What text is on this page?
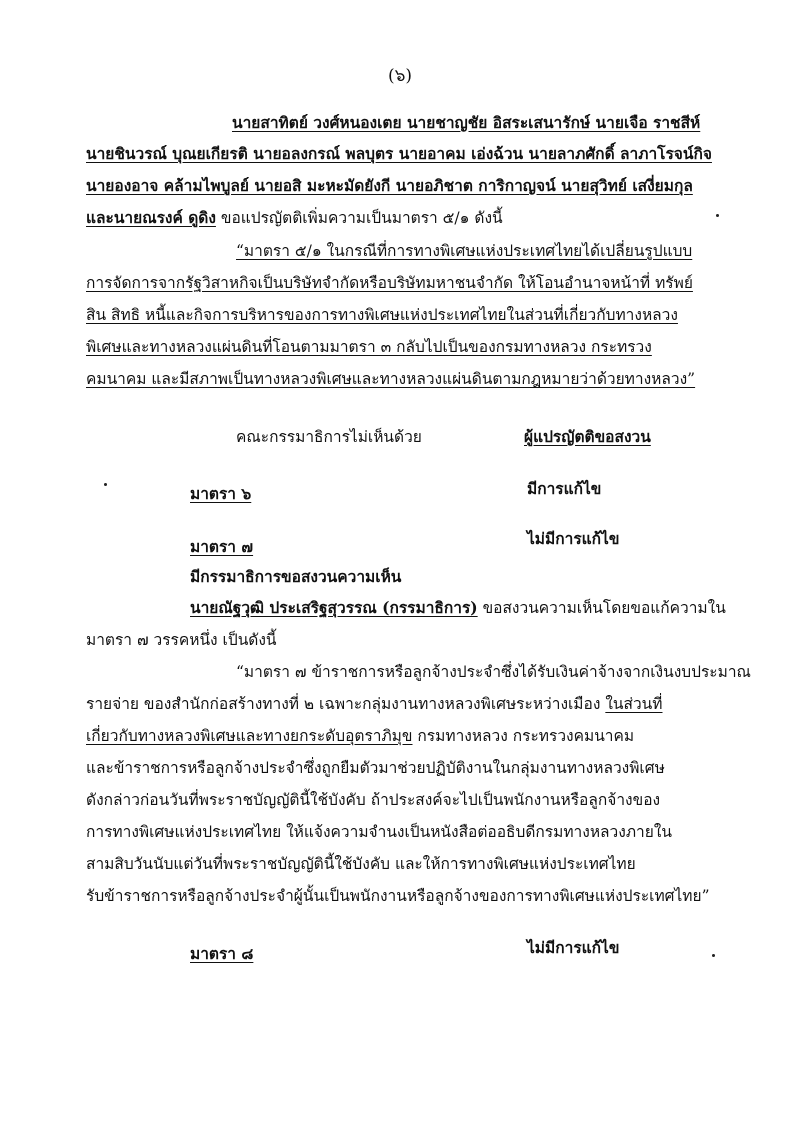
(๖)
นายสาทิตย์ วงศ์หนองเตย นายชาญชัย อิสระเสนารักษ์ นายเจือ ราชสีห์
นายชินวรณ์ บุณยเกียรติ นายอลงกรณ์ พลบุตร นายอาคม เอ่งฉ้วน นายลาภศักดิ์ ลาภาโรจน์กิจ
นายองอาจ คล้ามไพบูลย์ นายอสิ มะหะมัดยังกี นายอภิชาต การิกาญจน์ นายสุวิทย์ เสงี่ยมกุล
และนายณรงค์ ดูดิง ขอแปรญัตติเพิ่มความเป็นมาตรา ๕/๑ ดังนี้
“มาตรา ๕/๑ ในกรณีที่การทางพิเศษแห่งประเทศไทยได้เปลี่ยนรูปแบบ
การจัดการจากรัฐวิสาหกิจเป็นบริษัทจำกัดหรือบริษัทมหาชนจำกัด ให้โอนอำนาจหน้าที่ ทรัพย์
สิน สิทธิ หนี้และกิจการบริหารของการทางพิเศษแห่งประเทศไทยในส่วนที่เกี่ยวกับทางหลวง
พิเศษและทางหลวงแผ่นดินที่โอนตามมาตรา ๓ กลับไปเป็นของกรมทางหลวง กระทรวง
คมนาคม และมีสภาพเป็นทางหลวงพิเศษและทางหลวงแผ่นดินตามกฎหมายว่าด้วยทางหลวง”
คณะกรรมาธิการไม่เห็นด้วย	ผู้แปรญัตติขอสงวน
มาตรา ๖	มีการแก้ไข
มาตรา ๗	ไม่มีการแก้ไข
มีกรรมาธิการขอสงวนความเห็น
นายณัฐวุฒิ ประเสริฐสุวรรณ (กรรมาธิการ) ขอสงวนความเห็นโดยขอแก้ความใน
มาตรา ๗ วรรคหนึ่ง เป็นดังนี้
“มาตรา ๗ ข้าราชการหรือลูกจ้างประจำซึ่งได้รับเงินค่าจ้างจากเงินงบประมาณ
รายจ่าย ของสำนักก่อสร้างทางที่ ๒ เฉพาะกลุ่มงานทางหลวงพิเศษระหว่างเมือง ในส่วนที่
เกี่ยวกับทางหลวงพิเศษและทางยกระดับอุตราภิมุข กรมทางหลวง กระทรวงคมนาคม
และข้าราชการหรือลูกจ้างประจำซึ่งถูกยืมตัวมาช่วยปฏิบัติงานในกลุ่มงานทางหลวงพิเศษ
ดังกล่าวก่อนวันที่พระราชบัญญัตินี้ใช้บังคับ ถ้าประสงค์จะไปเป็นพนักงานหรือลูกจ้างของ
การทางพิเศษแห่งประเทศไทย ให้แจ้งความจำนงเป็นหนังสือต่ออธิบดีกรมทางหลวงภายใน
สามสิบวันนับแต่วันที่พระราชบัญญัตินี้ใช้บังคับ และให้การทางพิเศษแห่งประเทศไทย
รับข้าราชการหรือลูกจ้างประจำผู้นั้นเป็นพนักงานหรือลูกจ้างของการทางพิเศษแห่งประเทศไทย”
มาตรา ๘	ไม่มีการแก้ไข
